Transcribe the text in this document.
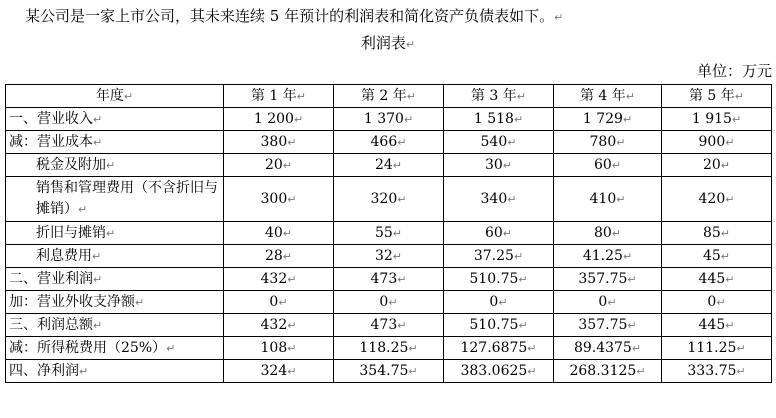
某公司是一家上市公司，其未来连续 5 年预计的利润表和简化资产负债表如下。↵
利润表↵
单位：万元
年度↵	第 1 年↵	第 2 年↵	第 3 年↵	第 4 年↵	第 5 年↵
一、营业收入↵	1 200↵	1 370↵	1 518↵	1 729↵	1 915↵
减：营业成本↵	380↵	466↵	540↵	780↵	900↵
税金及附加↵	20↵	24↵	30↵	60↵	20↵
销售和管理费用（不含折旧与摊销）↵	300↵	320↵	340↵	410↵	420↵
折旧与摊销↵	40↵	55↵	60↵	80↵	85↵
利息费用↵	28↵	32↵	37.25↵	41.25↵	45↵
二、营业利润↵	432↵	473↵	510.75↵	357.75↵	445↵
加：营业外收支净额↵	0↵	0↵	0↵	0↵	0↵
三、利润总额↵	432↵	473↵	510.75↵	357.75↵	445↵
减：所得税费用（25%）↵	108↵	118.25↵	127.6875↵	89.4375↵	111.25↵
四、净利润↵	324↵	354.75↵	383.0625↵	268.3125↵	333.75↵
